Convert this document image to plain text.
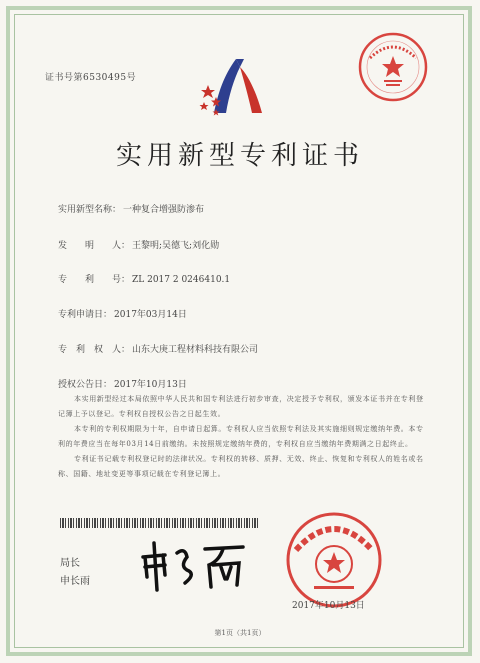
证书号第6530495号
实用新型专利证书
实用新型名称： 一种复合增强防渗布
发　　明　　人： 王黎明;吴德飞;刘化勋
专　　利　　号： ZL 2017 2 0246410.1
专利申请日： 2017年03月14日
专　利　权　人： 山东大庚工程材料科技有限公司
授权公告日： 2017年10月13日

本实用新型经过本局依照中华人民共和国专利法进行初步审查，决定授予专利权，颁发本证书并在专利登记簿上予以登记。专利权自授权公告之日起生效。

本专利的专利权期限为十年，自申请日起算。专利权人应当依照专利法及其实施细则规定缴纳年费。本专利的年费应当在每年03月14日前缴纳。未按照规定缴纳年费的，专利权自应当缴纳年费期满之日起终止。

专利证书记载专利权登记时的法律状况。专利权的转移、质押、无效、终止、恢复和专利权人的姓名或名称、国籍、地址变更等事项记载在专利登记簿上。

局长
申长雨
2017年10月13日
第1页（共1页）
